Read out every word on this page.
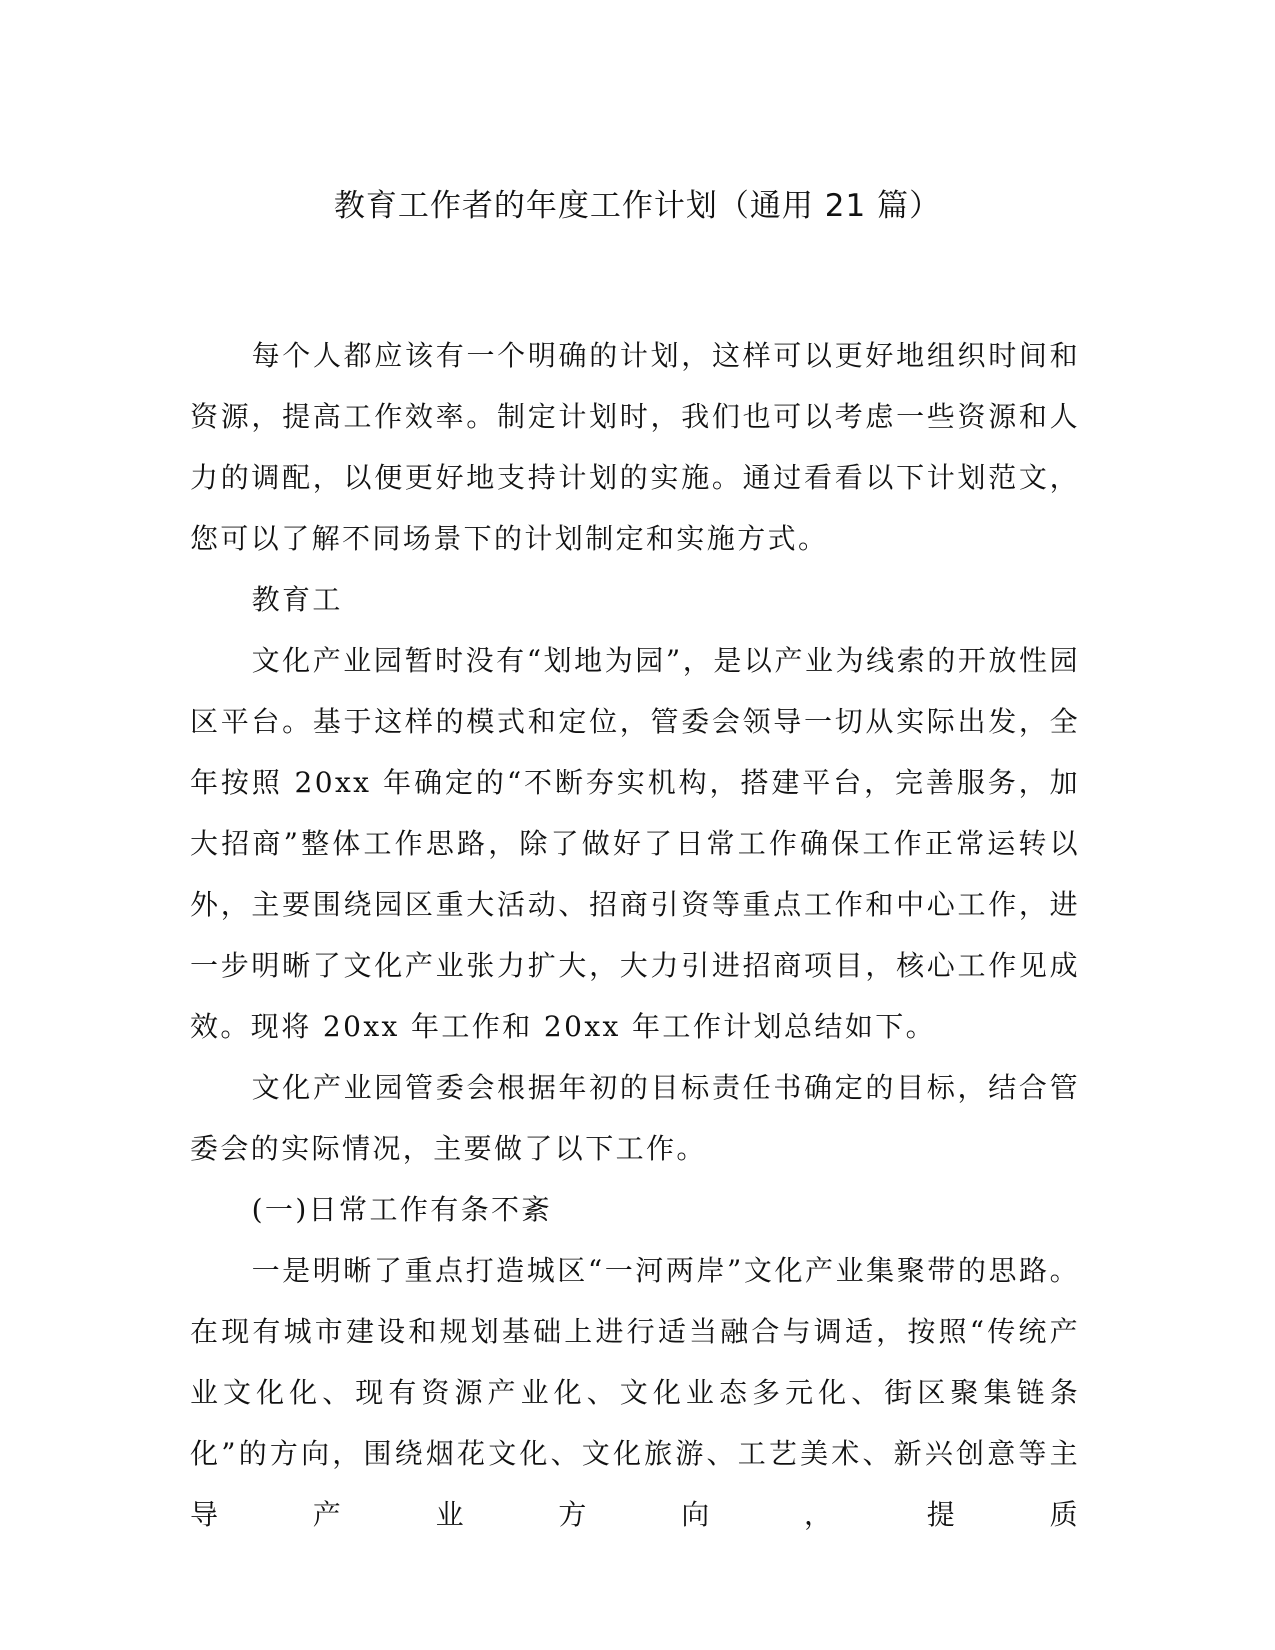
教育工作者的年度工作计划（通用 21 篇）

每个人都应该有一个明确的计划，这样可以更好地组织时间和资源，提高工作效率。制定计划时，我们也可以考虑一些资源和人力的调配，以便更好地支持计划的实施。通过看看以下计划范文，您可以了解不同场景下的计划制定和实施方式。

教育工

文化产业园暂时没有“划地为园”，是以产业为线索的开放性园区平台。基于这样的模式和定位，管委会领导一切从实际出发，全年按照 20xx 年确定的“不断夯实机构，搭建平台，完善服务，加大招商”整体工作思路，除了做好了日常工作确保工作正常运转以外，主要围绕园区重大活动、招商引资等重点工作和中心工作，进一步明晰了文化产业张力扩大，大力引进招商项目，核心工作见成效。现将 20xx 年工作和 20xx 年工作计划总结如下。

文化产业园管委会根据年初的目标责任书确定的目标，结合管委会的实际情况，主要做了以下工作。

(一)日常工作有条不紊

一是明晰了重点打造城区“一河两岸”文化产业集聚带的思路。在现有城市建设和规划基础上进行适当融合与调适，按照“传统产业文化化、现有资源产业化、文化业态多元化、街区聚集链条化”的方向，围绕烟花文化、文化旅游、工艺美术、新兴创意等主导产业方向，提质
